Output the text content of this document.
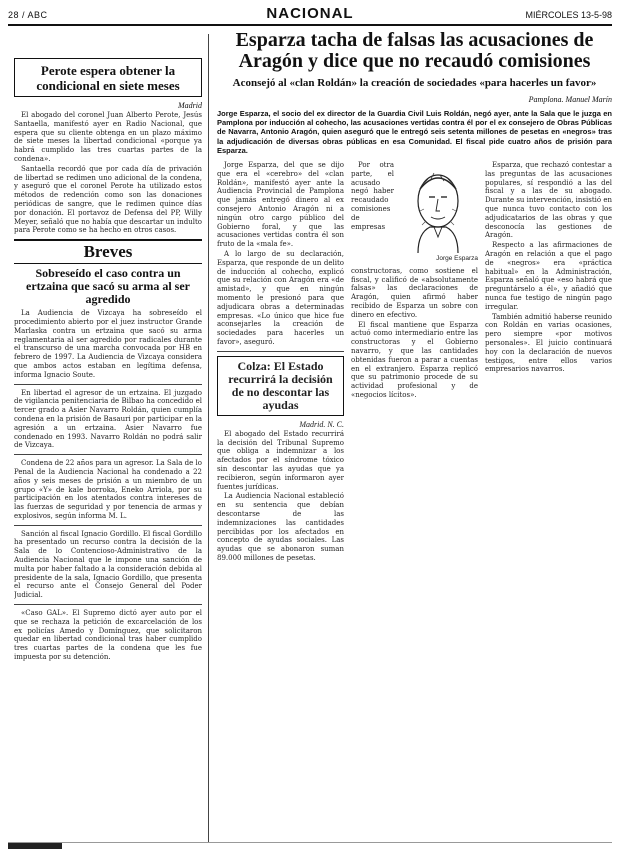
28 / ABC	NACIONAL	MIÉRCOLES 13-5-98
Perote espera obtener la condicional en siete meses
Madrid

El abogado del coronel Juan Alberto Perote, Jesús Santaella, manifestó ayer en Radio Nacional, que espera que su cliente obtenga en un plazo máximo de siete meses la libertad condicional «porque ya habrá cumplido las tres cuartas partes de la condena».

Santaella recordó que por cada día de privación de libertad se redimen uno adicional de la condena, y aseguró que el coronel Perote ha utilizado estos métodos de redención como son las donaciones periódicas de sangre, que le redimen quince días por donación. El portavoz de Defensa del PP, Willy Meyer, señaló que no había que descartar un indulto para Perote como se ha hecho en otros casos.

Breves
Sobreseído el caso contra un ertzaina que sacó su arma al ser agredido

La Audiencia de Vizcaya ha sobreseído el procedimiento abierto por el juez instructor Grande Marlaska contra un ertzaina que sacó su arma reglamentaria al ser agredido por radicales durante el transcurso de una marcha convocada por HB en febrero de 1997. La Audiencia de Vizcaya considera que ambos actos estaban en legítima defensa, informa Ignacio Soute.

En libertad el agresor de un ertzaina. El juzgado de vigilancia penitenciaria de Bilbao ha concedido el tercer grado a Asier Navarro Roldán, quien cumplía condena en la prisión de Basauri por participar en la agresión a un ertzaina. Asier Navarro fue condenado en 1993. Navarro Roldán no podrá salir de Vizcaya.

Condena de 22 años para un agresor. La Sala de lo Penal de la Audiencia Nacional ha condenado a 22 años y seis meses de prisión a un miembro de un grupo «Y» de kale borroka, Eneko Arriola, por su participación en los atentados contra intereses de las fuerzas de seguridad y por tenencia de armas y explosivos, según informa M. L.

Sanción al fiscal Ignacio Gordillo. El fiscal Gordillo ha presentado un recurso contra la decisión de la Sala de lo Contencioso-Administrativo de la Audiencia Nacional que le impone una sanción de multa por haber faltado a la consideración debida al presidente de la sala, Ignacio Gordillo, que presenta el recurso ante el Consejo General del Poder Judicial.

«Caso GAL». El Supremo dictó ayer auto por el que se rechaza la petición de excarcelación de los ex policías Amedo y Domínguez, que solicitaron quedar en libertad condicional tras haber cumplido tres cuartas partes de la condena que les fue impuesta por su detención.

Esparza tacha de falsas las acusaciones de Aragón y dice que no recaudó comisiones
Aconsejó al «clan Roldán» la creación de sociedades «para hacerles un favor»
Pamplona. Manuel Marín
Jorge Esparza, el socio del ex director de la Guardia Civil Luis Roldán, negó ayer, ante la Sala que le juzga en Pamplona por inducción al cohecho, las acusaciones vertidas contra él por el ex consejero de Obras Públicas de Navarra, Antonio Aragón, quien aseguró que le entregó seis setenta millones de pesetas en «negros» tras la adjudicación de diversas obras públicas en esa Comunidad. El fiscal pide cuatro años de prisión para Esparza.

Jorge Esparza, del que se dijo que era el «cerebro» del «clan Roldán», manifestó ayer ante la Audiencia Provincial de Pamplona que jamás entregó dinero al ex consejero Antonio Aragón ni a ningún otro cargo público del Gobierno foral, y que las acusaciones vertidas contra él son fruto de la «mala fe».

A lo largo de su declaración, Esparza, que responde de un delito de inducción al cohecho, explicó que su relación con Aragón era «de amistad», y que en ningún momento le presionó para que adjudicara obras a determinadas empresas. «Lo único que hice fue aconsejarles la creación de sociedades para hacerles un favor», aseguró.

Colza: El Estado recurrirá la decisión de no descontar las ayudas
Madrid. N. C.

El abogado del Estado recurrirá la decisión del Tribunal Supremo que obliga a indemnizar a los afectados por el síndrome tóxico sin descontar las ayudas que ya recibieron, según informaron ayer fuentes jurídicas.

La Audiencia Nacional estableció en su sentencia que debían descontarse de las indemnizaciones las cantidades percibidas por los afectados en concepto de ayudas sociales. Las ayudas que se abonaron suman 89.000 millones de pesetas.

Jorge Esparza

Por otra parte, el acusado negó haber recaudado comisiones de empresas constructoras, como sostiene el fiscal, y calificó de «absolutamente falsas» las declaraciones de Aragón, quien afirmó haber recibido de Esparza un sobre con dinero en efectivo.

El fiscal mantiene que Esparza actuó como intermediario entre las constructoras y el Gobierno navarro, y que las cantidades obtenidas fueron a parar a cuentas en el extranjero. Esparza replicó que su patrimonio procede de su actividad profesional y de «negocios lícitos».

Esparza, que rechazó contestar a las preguntas de las acusaciones populares, sí respondió a las del fiscal y a las de su abogado. Durante su intervención, insistió en que nunca tuvo contacto con los adjudicatarios de las obras y que desconocía las gestiones de Aragón.

Respecto a las afirmaciones de Aragón en relación a que el pago de «negros» era «práctica habitual» en la Administración, Esparza señaló que «eso habrá que preguntárselo a él», y añadió que nunca fue testigo de ningún pago irregular.

También admitió haberse reunido con Roldán en varias ocasiones, pero siempre «por motivos personales». El juicio continuará hoy con la declaración de nuevos testigos, entre ellos varios empresarios navarros.
